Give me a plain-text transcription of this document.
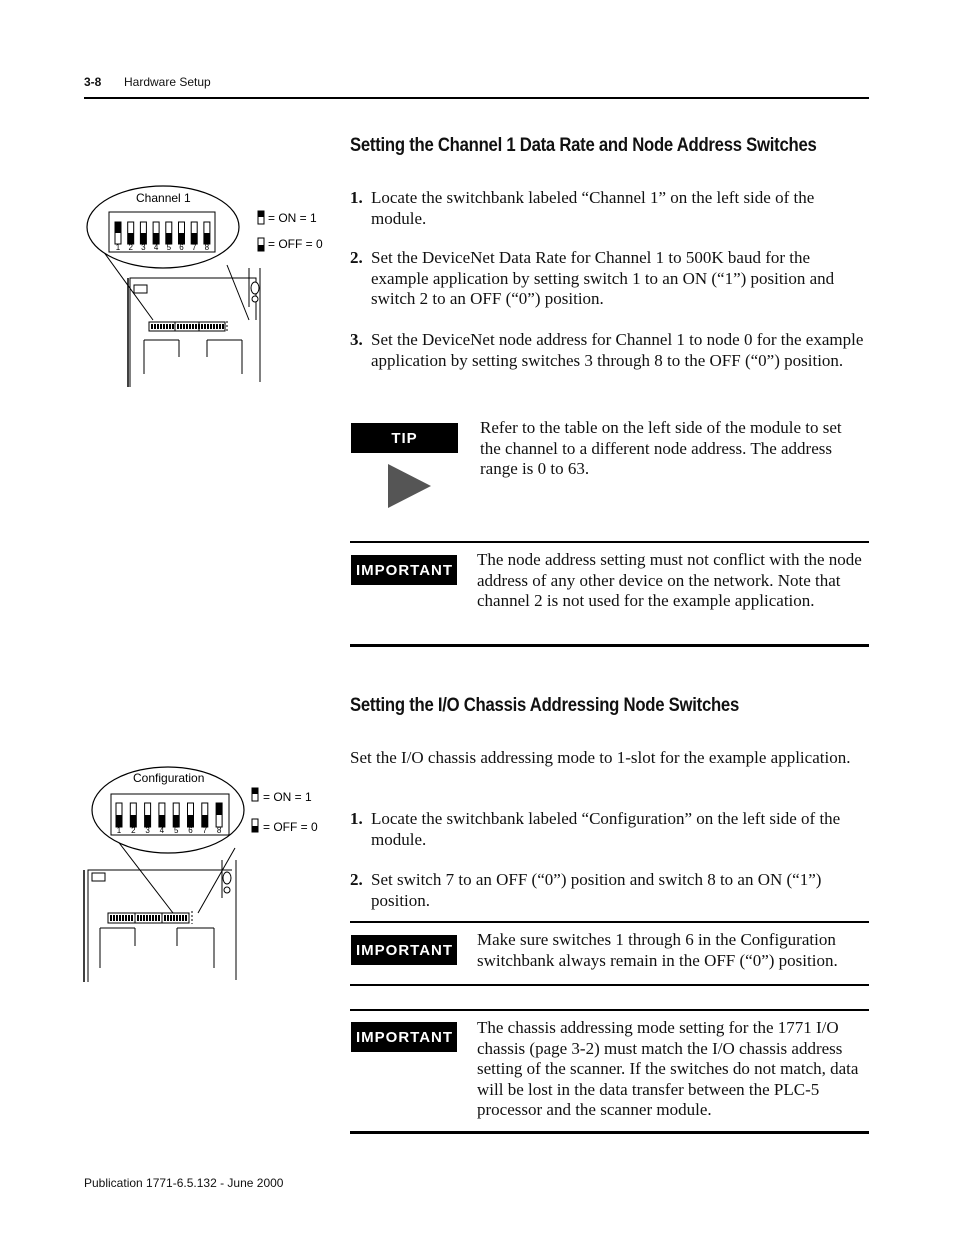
3-8 Hardware Setup
Setting the Channel 1 Data Rate and Node Address Switches
Channel 1
1 2 3 4 5 6 7 8
= ON = 1
= OFF = 0
1. Locate the switchbank labeled “Channel 1” on the left side of the module.
2. Set the DeviceNet Data Rate for Channel 1 to 500K baud for the example application by setting switch 1 to an ON (“1”) position and switch 2 to an OFF (“0”) position.
3. Set the DeviceNet node address for Channel 1 to node 0 for the example application by setting switches 3 through 8 to the OFF (“0”) position.
TIP
Refer to the table on the left side of the module to set the channel to a different node address. The address range is 0 to 63.
IMPORTANT
The node address setting must not conflict with the node address of any other device on the network. Note that channel 2 is not used for the example application.
Setting the I/O Chassis Addressing Node Switches
Set the I/O chassis addressing mode to 1-slot for the example application.
Configuration
1 2 3 4 5 6 7 8
= ON = 1
= OFF = 0 1. Locate the switchbank labeled “Configuration” on the left side of the module.
2. Set switch 7 to an OFF (“0”) position and switch 8 to an ON (“1”) position.
IMPORTANT
Make sure switches 1 through 6 in the Configuration switchbank always remain in the OFF (“0”) position.
IMPORTANT The chassis addressing mode setting for the 1771 I/O chassis (page 3-2) must match the I/O chassis address setting of the scanner. If the switches do not match, data will be lost in the data transfer between the PLC-5 processor and the scanner module.
Publication 1771-6.5.132 - June 2000
